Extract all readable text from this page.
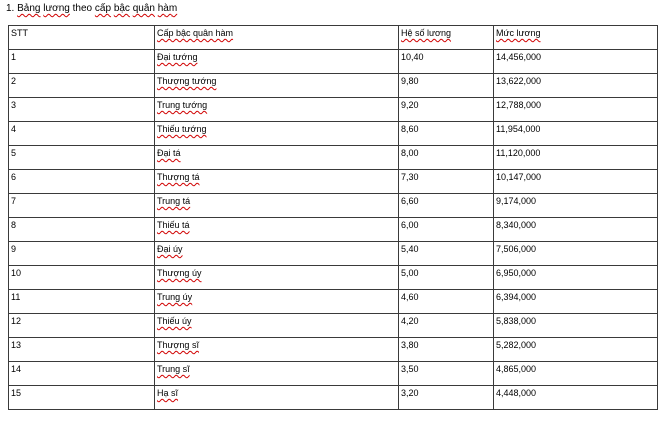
1. Bảng lương theo cấp bậc quân hàm
STT	Cấp bậc quân hàm	Hệ số lương	Mức lương
1	Đại tướng	10,40	14,456,000
2	Thượng tướng	9,80	13,622,000
3	Trung tướng	9,20	12,788,000
4	Thiếu tướng	8,60	11,954,000
5	Đại tá	8,00	11,120,000
6	Thượng tá	7,30	10,147,000
7	Trung tá	6,60	9,174,000
8	Thiếu tá	6,00	8,340,000
9	Đại úy	5,40	7,506,000
10	Thượng úy	5,00	6,950,000
11	Trung úy	4,60	6,394,000
12	Thiếu úy	4,20	5,838,000
13	Thượng sĩ	3,80	5,282,000
14	Trung sĩ	3,50	4,865,000
15	Hạ sĩ	3,20	4,448,000
